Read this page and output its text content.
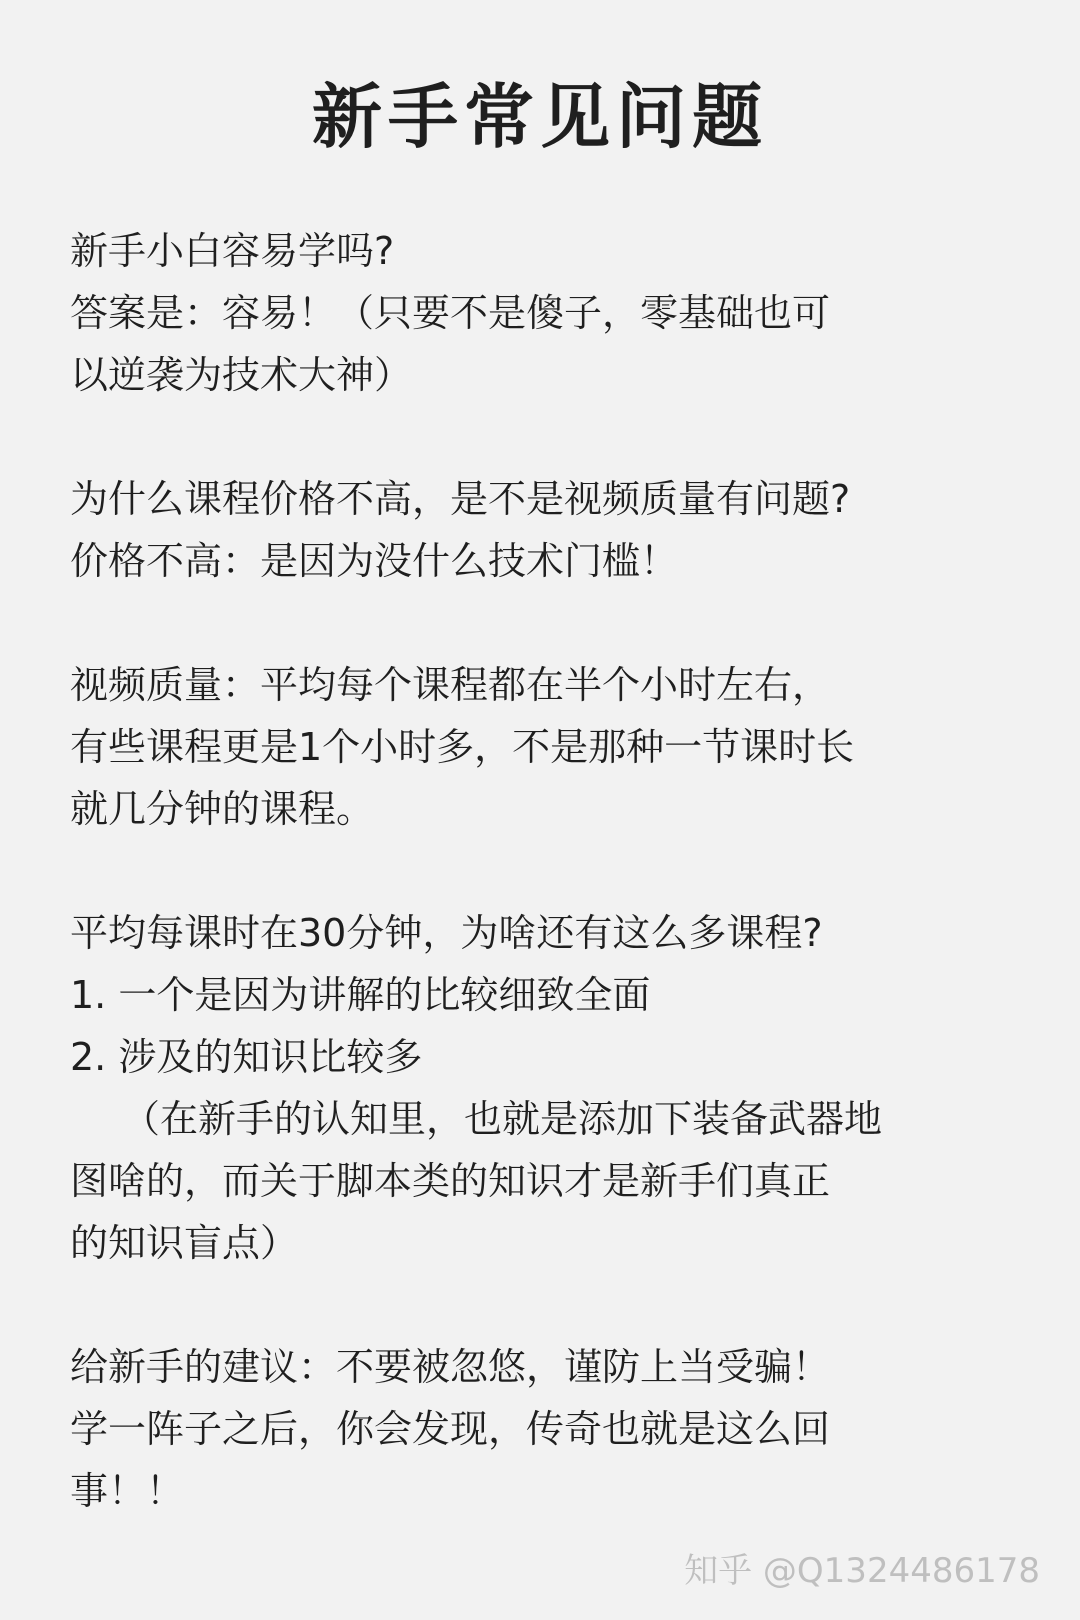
新手常见问题
新手小白容易学吗?
答案是：容易！（只要不是傻子，零基础也可
以逆袭为技术大神）
为什么课程价格不高，是不是视频质量有问题?
价格不高：是因为没什么技术门槛！
视频质量：平均每个课程都在半个小时左右，
有些课程更是1个小时多，不是那种一节课时长
就几分钟的课程。
平均每课时在30分钟，为啥还有这么多课程?
1. 一个是因为讲解的比较细致全面
2. 涉及的知识比较多
（在新手的认知里，也就是添加下装备武器地
图啥的，而关于脚本类的知识才是新手们真正
的知识盲点）
给新手的建议：不要被忽悠，谨防上当受骗！
学一阵子之后，你会发现，传奇也就是这么回
事！！
知乎 @Q1324486178
